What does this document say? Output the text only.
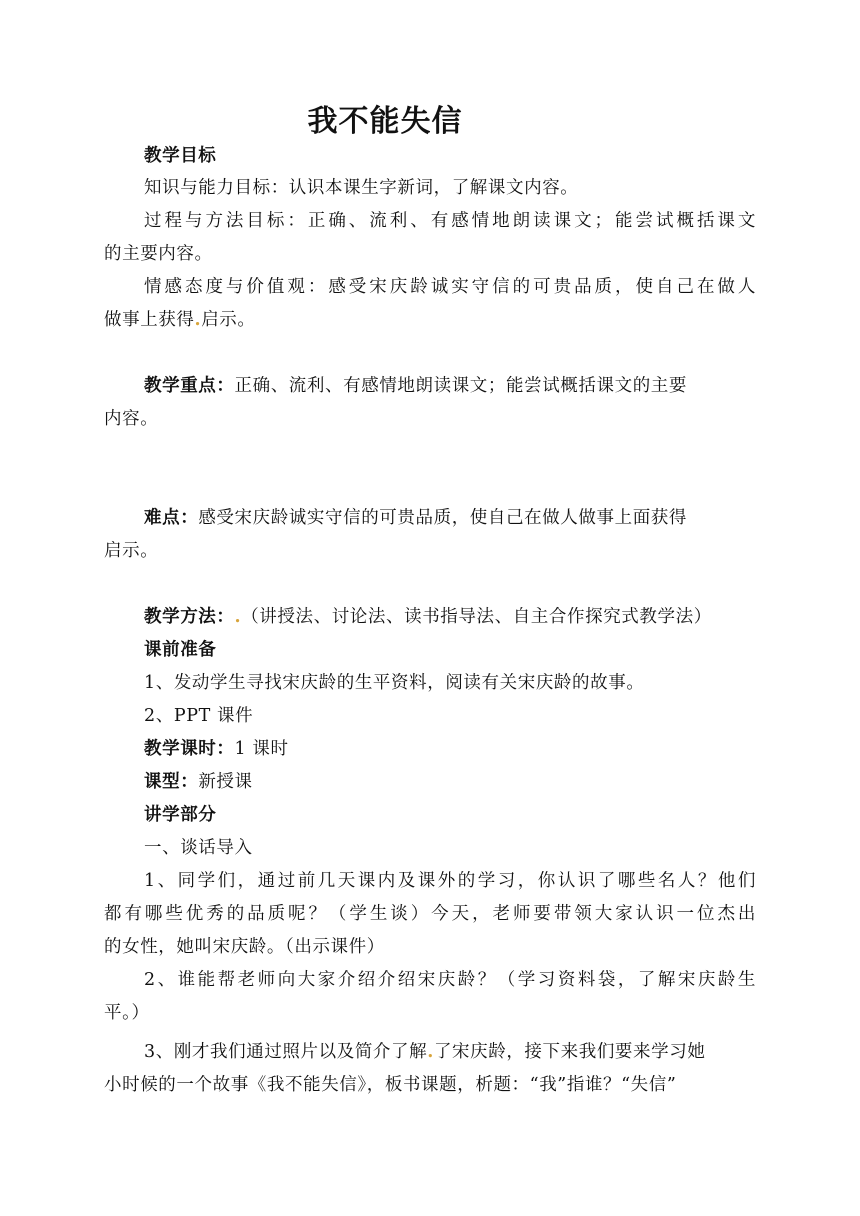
我不能失信
教学目标
知识与能力目标：认识本课生字新词，了解课文内容。
过程与方法目标：正确、流利、有感情地朗读课文；能尝试概括课文
的主要内容。
情感态度与价值观：感受宋庆龄诚实守信的可贵品质，使自己在做人
做事上获得.启示。
教学重点：正确、流利、有感情地朗读课文；能尝试概括课文的主要
内容。
难点：感受宋庆龄诚实守信的可贵品质，使自己在做人做事上面获得
启示。
教学方法：.（讲授法、讨论法、读书指导法、自主合作探究式教学法）
课前准备
1、发动学生寻找宋庆龄的生平资料，阅读有关宋庆龄的故事。
2、PPT 课件
教学课时：1 课时
课型：新授课
讲学部分
一、谈话导入
1、同学们，通过前几天课内及课外的学习，你认识了哪些名人？他们
都有哪些优秀的品质呢？（学生谈）今天，老师要带领大家认识一位杰出
的女性，她叫宋庆龄。（出示课件）
2、谁能帮老师向大家介绍介绍宋庆龄？（学习资料袋，了解宋庆龄生
平。）
3、刚才我们通过照片以及简介了解.了宋庆龄，接下来我们要来学习她
小时候的一个故事《我不能失信》，板书课题，析题：“我”指谁？“失信”
